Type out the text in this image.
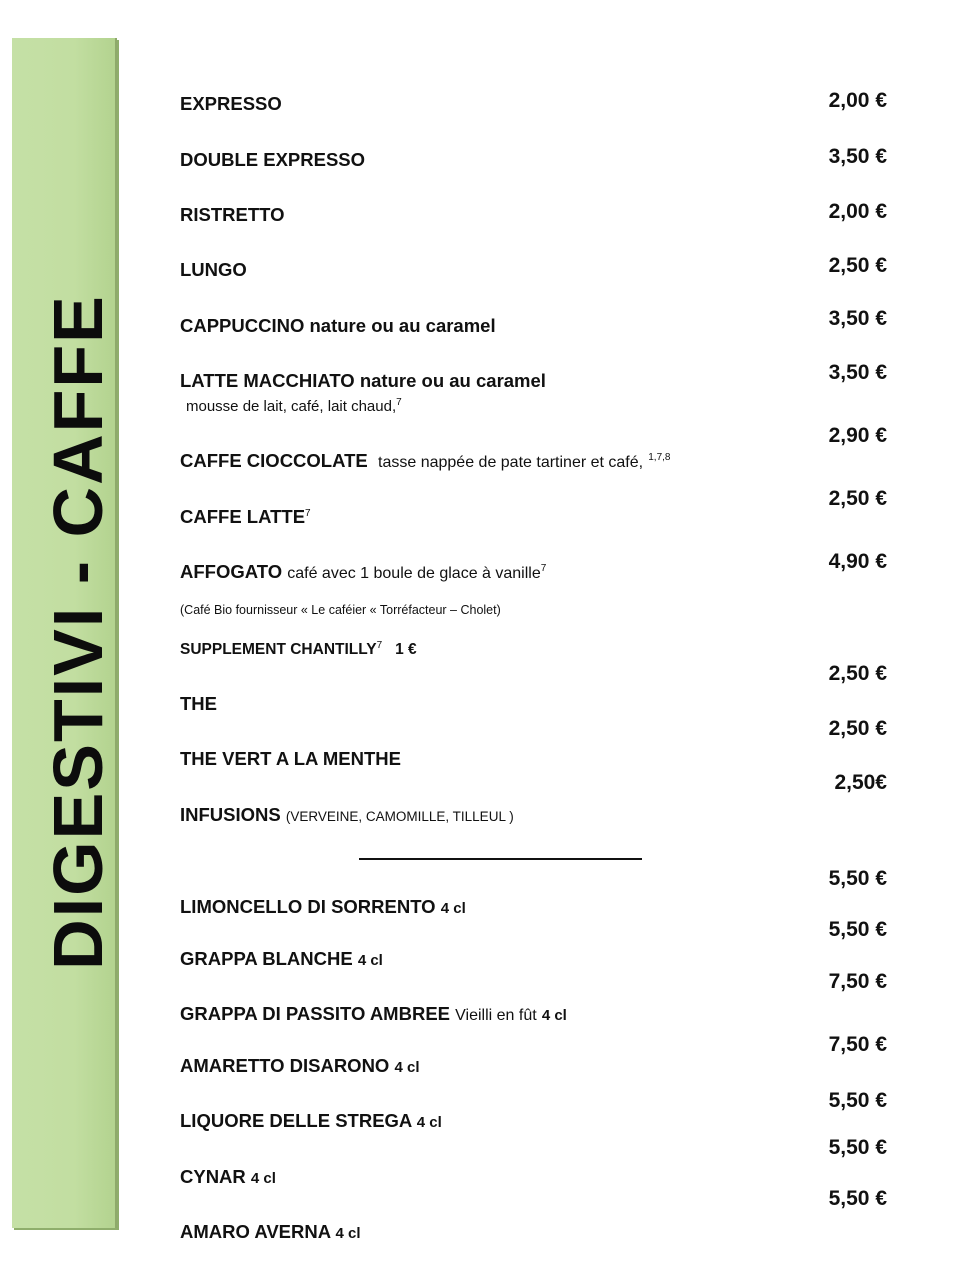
DIGESTIVI - CAFFE
EXPRESSO
DOUBLE EXPRESSO
RISTRETTO
LUNGO
CAPPUCCINO nature ou au caramel
LATTE MACCHIATO nature ou au caramel
mousse de lait, café, lait chaud,$^7$
CAFFE CIOCCOLATE tasse nappée de pate tartiner et café, $^{1,7,8}$
CAFFE LATTE$^7$
AFFOGATO café avec 1 boule de glace à vanille$^7$
(Café Bio fournisseur « Le caféier « Torréfacteur – Cholet)
SUPPLEMENT CHANTILLY$^7$ 1 €
THE
THE VERT A LA MENTHE
INFUSIONS (VERVEINE, CAMOMILLE, TILLEUL )
LIMONCELLO DI SORRENTO 4 cl
GRAPPA BLANCHE 4 cl
GRAPPA DI PASSITO AMBREE Vieilli en fût 4 cl
AMARETTO DISARONO 4 cl
LIQUORE DELLE STREGA 4 cl
CYNAR 4 cl
AMARO AVERNA 4 cl
2,00 €
3,50 €
2,00 €
2,50 €
3,50 €
3,50 €
2,90 €
2,50 €
4,90 €
2,50 €
2,50 €
2,50€
5,50 €
5,50 €
7,50 €
7,50 €
5,50 €
5,50 €
5,50 €
